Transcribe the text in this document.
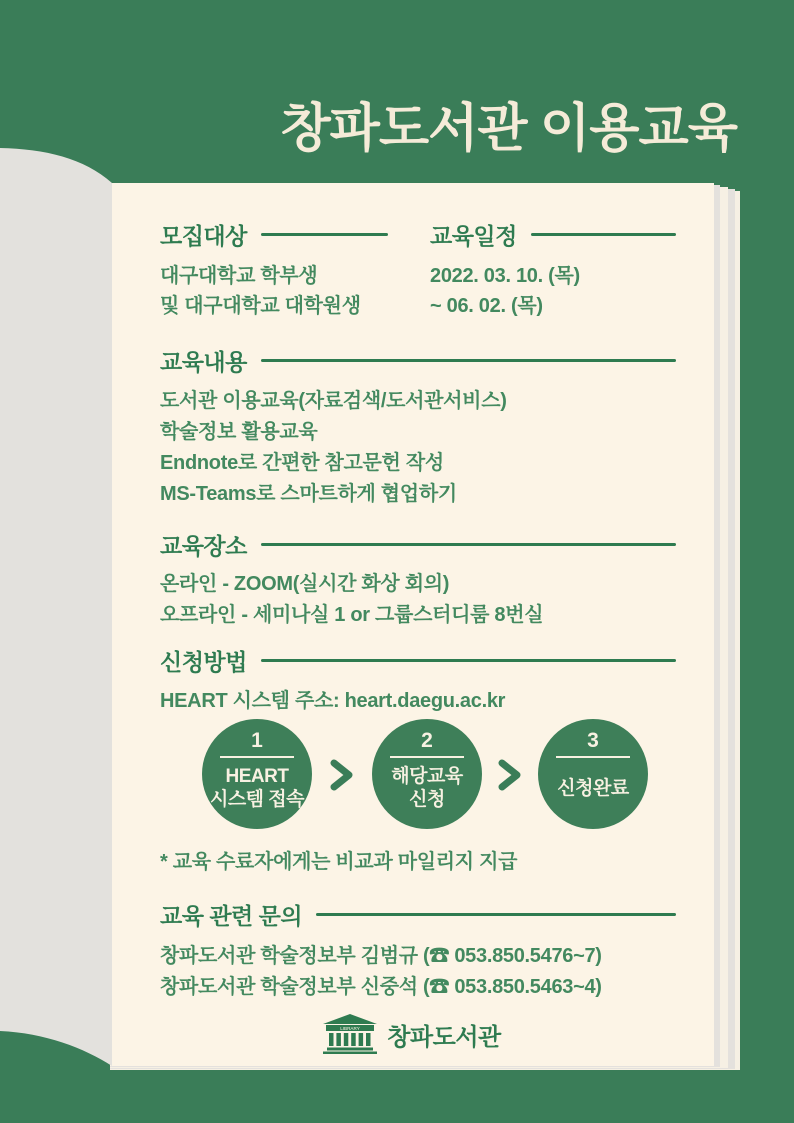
창파도서관 이용교육
모집대상
대구대학교 학부생
및 대구대학교 대학원생
교육일정
2022. 03. 10. (목)
~ 06. 02. (목)
교육내용
도서관 이용교육(자료검색/도서관서비스)
학술정보 활용교육
Endnote로 간편한 참고문헌 작성
MS-Teams로 스마트하게 협업하기
교육장소
온라인 - ZOOM(실시간 화상 회의)
오프라인 - 세미나실 1 or 그룹스터디룸 8번실
신청방법
HEART 시스템 주소: heart.daegu.ac.kr
1
HEART
시스템 접속
2
해당교육
신청
3
신청완료
* 교육 수료자에게는 비교과 마일리지 지급
교육 관련 문의
창파도서관 학술정보부 김범규 (☎ 053.850.5476~7)
창파도서관 학술정보부 신중석 (☎ 053.850.5463~4)
LIBRARY 창파도서관
